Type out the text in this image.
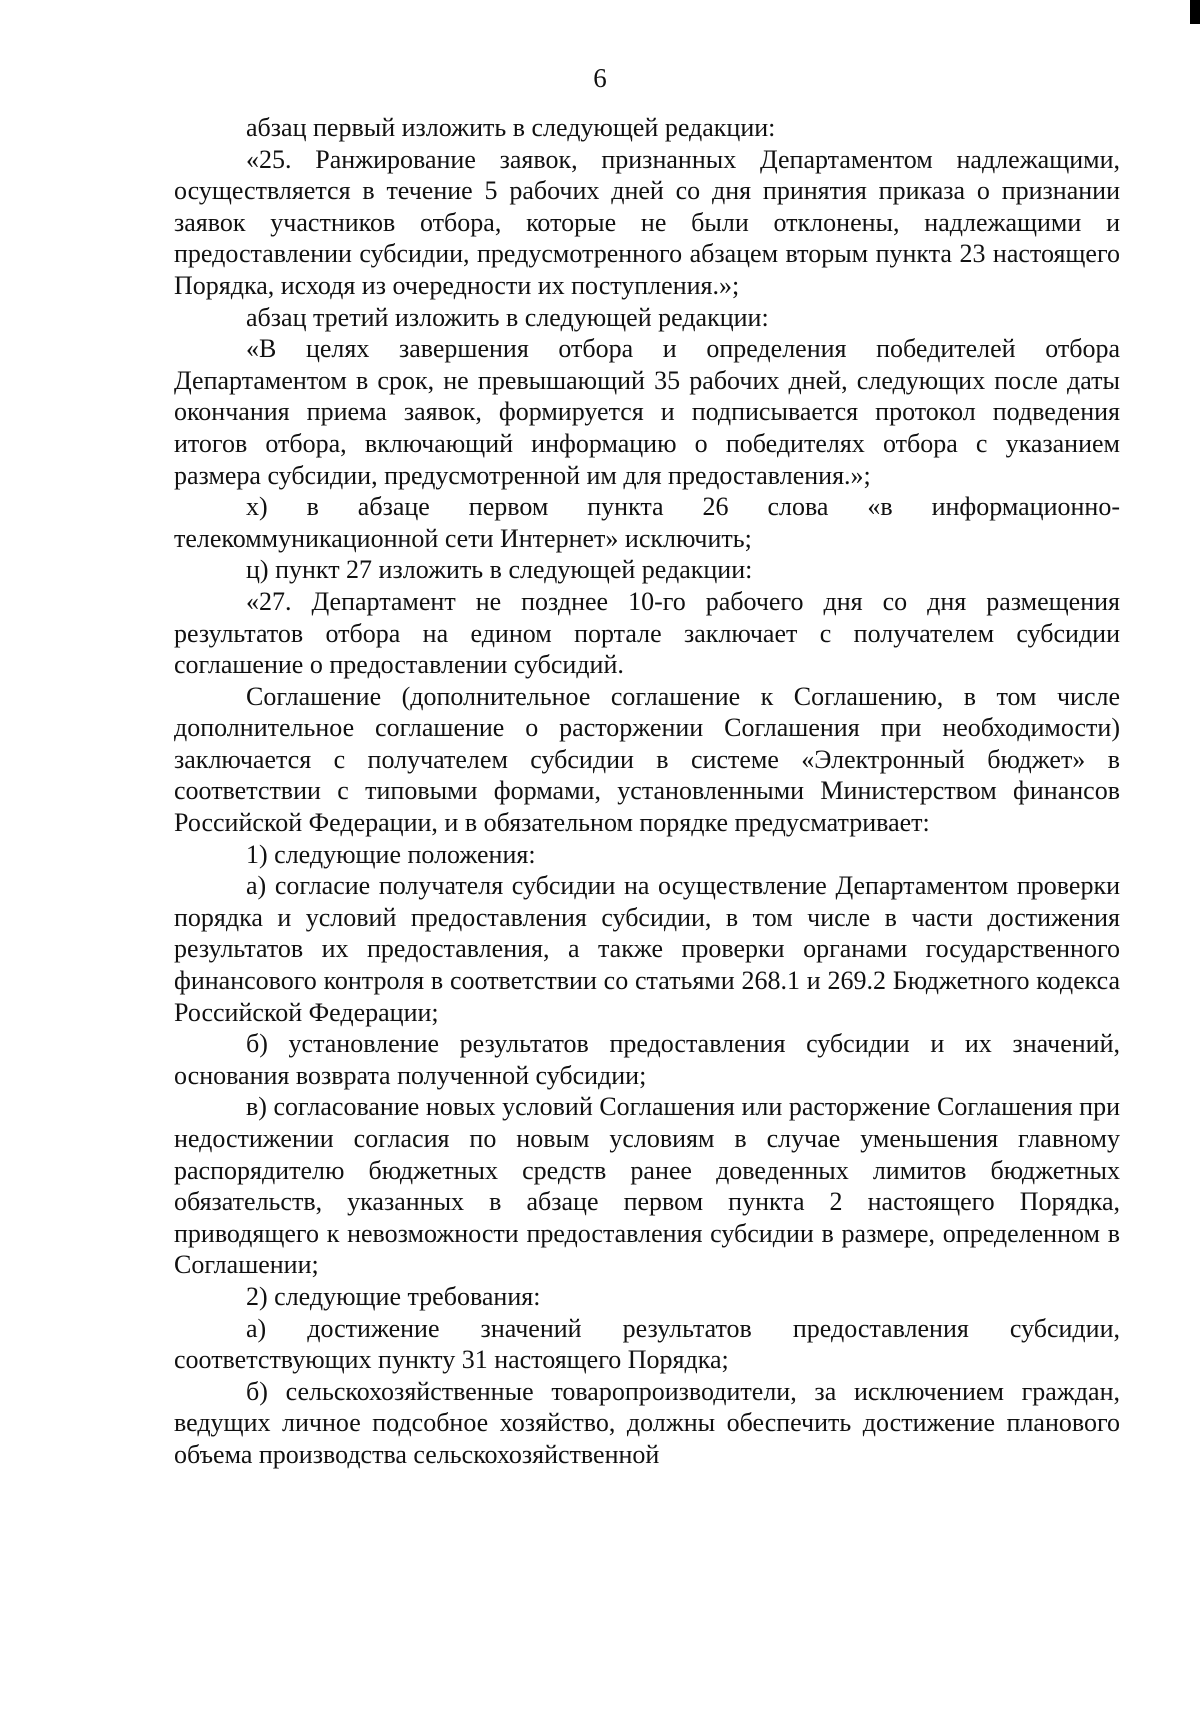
6

абзац первый изложить в следующей редакции:

«25. Ранжирование заявок, признанных Департаментом надлежащими, осуществляется в течение 5 рабочих дней со дня принятия приказа о признании заявок участников отбора, которые не были отклонены, надлежащими и предоставлении субсидии, предусмотренного абзацем вторым пункта 23 настоящего Порядка, исходя из очередности их поступления.»;

абзац третий изложить в следующей редакции:

«В целях завершения отбора и определения победителей отбора Департаментом в срок, не превышающий 35 рабочих дней, следующих после даты окончания приема заявок, формируется и подписывается протокол подведения итогов отбора, включающий информацию о победителях отбора с указанием размера субсидии, предусмотренной им для предоставления.»;

х) в абзаце первом пункта 26 слова «в информационно-телекоммуникационной сети Интернет» исключить;

ц) пункт 27 изложить в следующей редакции:

«27. Департамент не позднее 10-го рабочего дня со дня размещения результатов отбора на едином портале заключает с получателем субсидии соглашение о предоставлении субсидий.

Соглашение (дополнительное соглашение к Соглашению, в том числе дополнительное соглашение о расторжении Соглашения при необходимости) заключается с получателем субсидии в системе «Электронный бюджет» в соответствии с типовыми формами, установленными Министерством финансов Российской Федерации, и в обязательном порядке предусматривает:

1) следующие положения:

а) согласие получателя субсидии на осуществление Департаментом проверки порядка и условий предоставления субсидии, в том числе в части достижения результатов их предоставления, а также проверки органами государственного финансового контроля в соответствии со статьями 268.1 и 269.2 Бюджетного кодекса Российской Федерации;

б) установление результатов предоставления субсидии и их значений, основания возврата полученной субсидии;

в) согласование новых условий Соглашения или расторжение Соглашения при недостижении согласия по новым условиям в случае уменьшения главному распорядителю бюджетных средств ранее доведенных лимитов бюджетных обязательств, указанных в абзаце первом пункта 2 настоящего Порядка, приводящего к невозможности предоставления субсидии в размере, определенном в Соглашении;

2) следующие требования:

а) достижение значений результатов предоставления субсидии, соответствующих пункту 31 настоящего Порядка;

б) сельскохозяйственные товаропроизводители, за исключением граждан, ведущих личное подсобное хозяйство, должны обеспечить достижение планового объема производства сельскохозяйственной
